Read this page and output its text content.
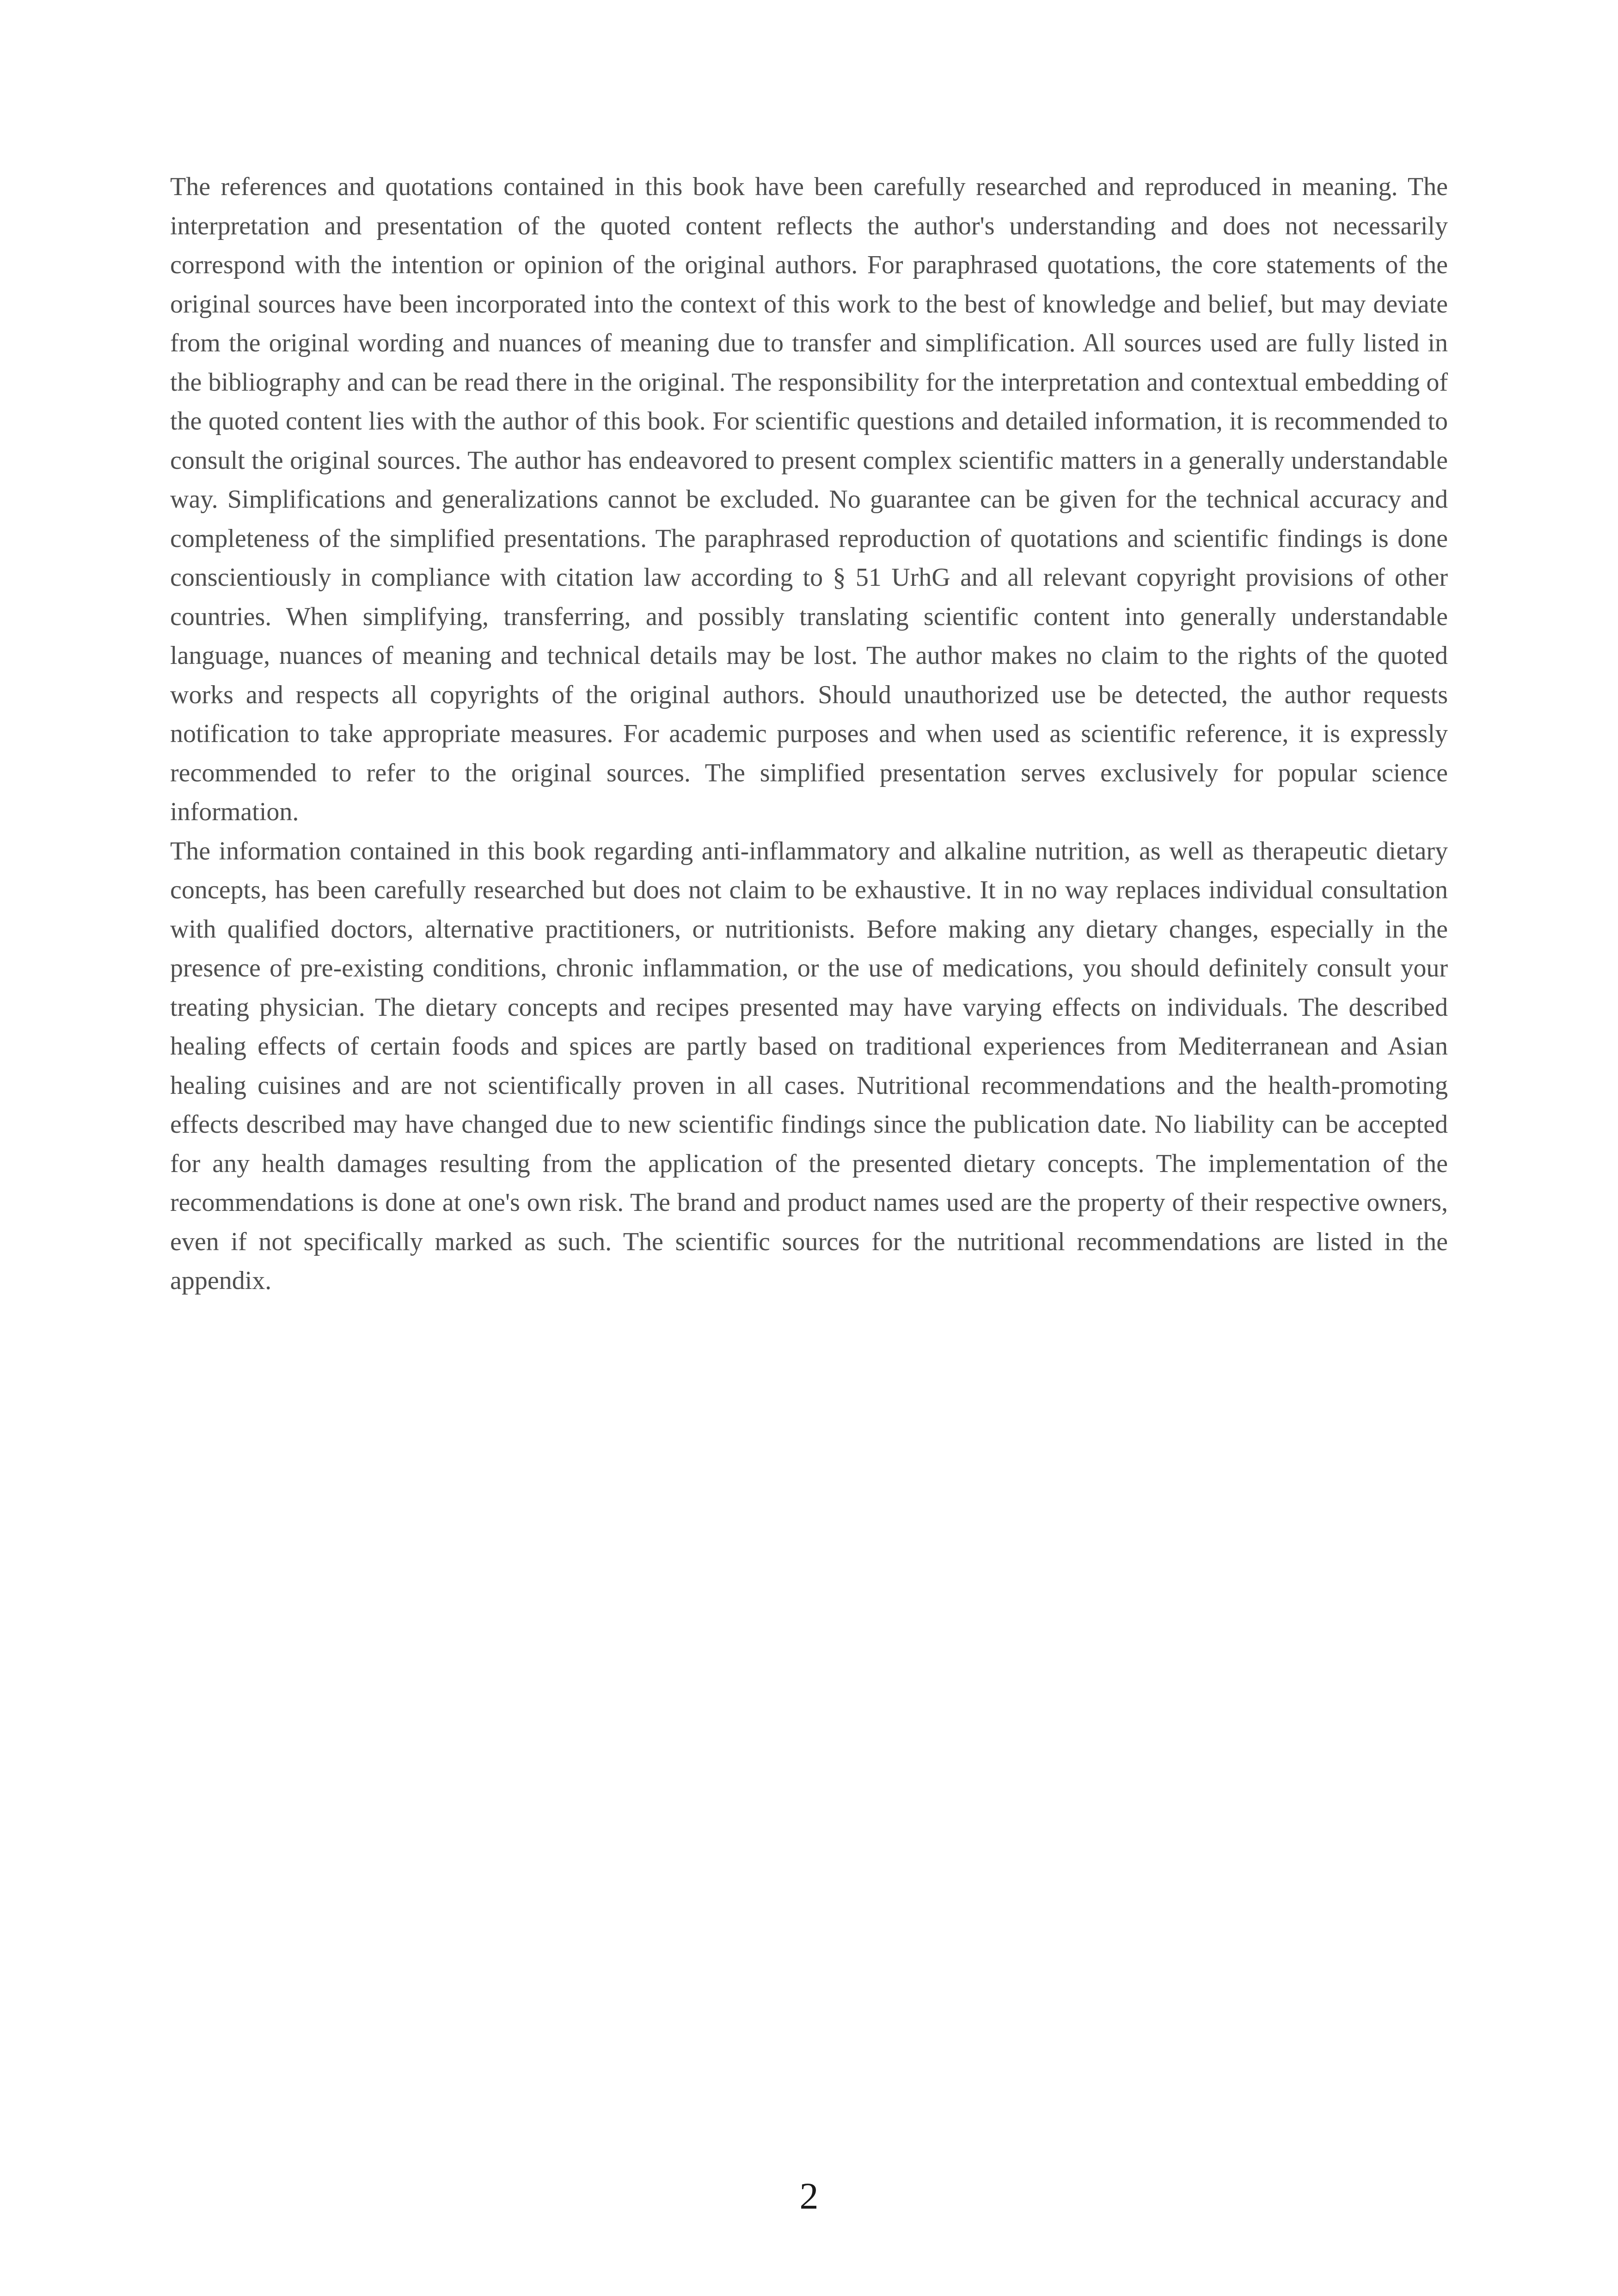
The references and quotations contained in this book have been carefully researched and reproduced in meaning. The interpretation and presentation of the quoted content reflects the author's understanding and does not necessarily correspond with the intention or opinion of the original authors. For paraphrased quotations, the core statements of the original sources have been incorporated into the context of this work to the best of knowledge and belief, but may deviate from the original wording and nuances of meaning due to transfer and simplification. All sources used are fully listed in the bibliography and can be read there in the original. The responsibility for the interpretation and contextual embedding of the quoted content lies with the author of this book. For scientific questions and detailed information, it is recommended to consult the original sources. The author has endeavored to present complex scientific matters in a generally understandable way. Simplifications and generalizations cannot be excluded. No guarantee can be given for the technical accuracy and completeness of the simplified presentations. The paraphrased reproduction of quotations and scientific findings is done conscientiously in compliance with citation law according to § 51 UrhG and all relevant copyright provisions of other countries. When simplifying, transferring, and possibly translating scientific content into generally understandable language, nuances of meaning and technical details may be lost. The author makes no claim to the rights of the quoted works and respects all copyrights of the original authors. Should unauthorized use be detected, the author requests notification to take appropriate measures. For academic purposes and when used as scientific reference, it is expressly recommended to refer to the original sources. The simplified presentation serves exclusively for popular science information.

The information contained in this book regarding anti-inflammatory and alkaline nutrition, as well as therapeutic dietary concepts, has been carefully researched but does not claim to be exhaustive. It in no way replaces individual consultation with qualified doctors, alternative practitioners, or nutritionists. Before making any dietary changes, especially in the presence of pre-existing conditions, chronic inflammation, or the use of medications, you should definitely consult your treating physician. The dietary concepts and recipes presented may have varying effects on individuals. The described healing effects of certain foods and spices are partly based on traditional experiences from Mediterranean and Asian healing cuisines and are not scientifically proven in all cases. Nutritional recommendations and the health-promoting effects described may have changed due to new scientific findings since the publication date. No liability can be accepted for any health damages resulting from the application of the presented dietary concepts. The implementation of the recommendations is done at one's own risk. The brand and product names used are the property of their respective owners, even if not specifically marked as such. The scientific sources for the nutritional recommendations are listed in the appendix.

2
